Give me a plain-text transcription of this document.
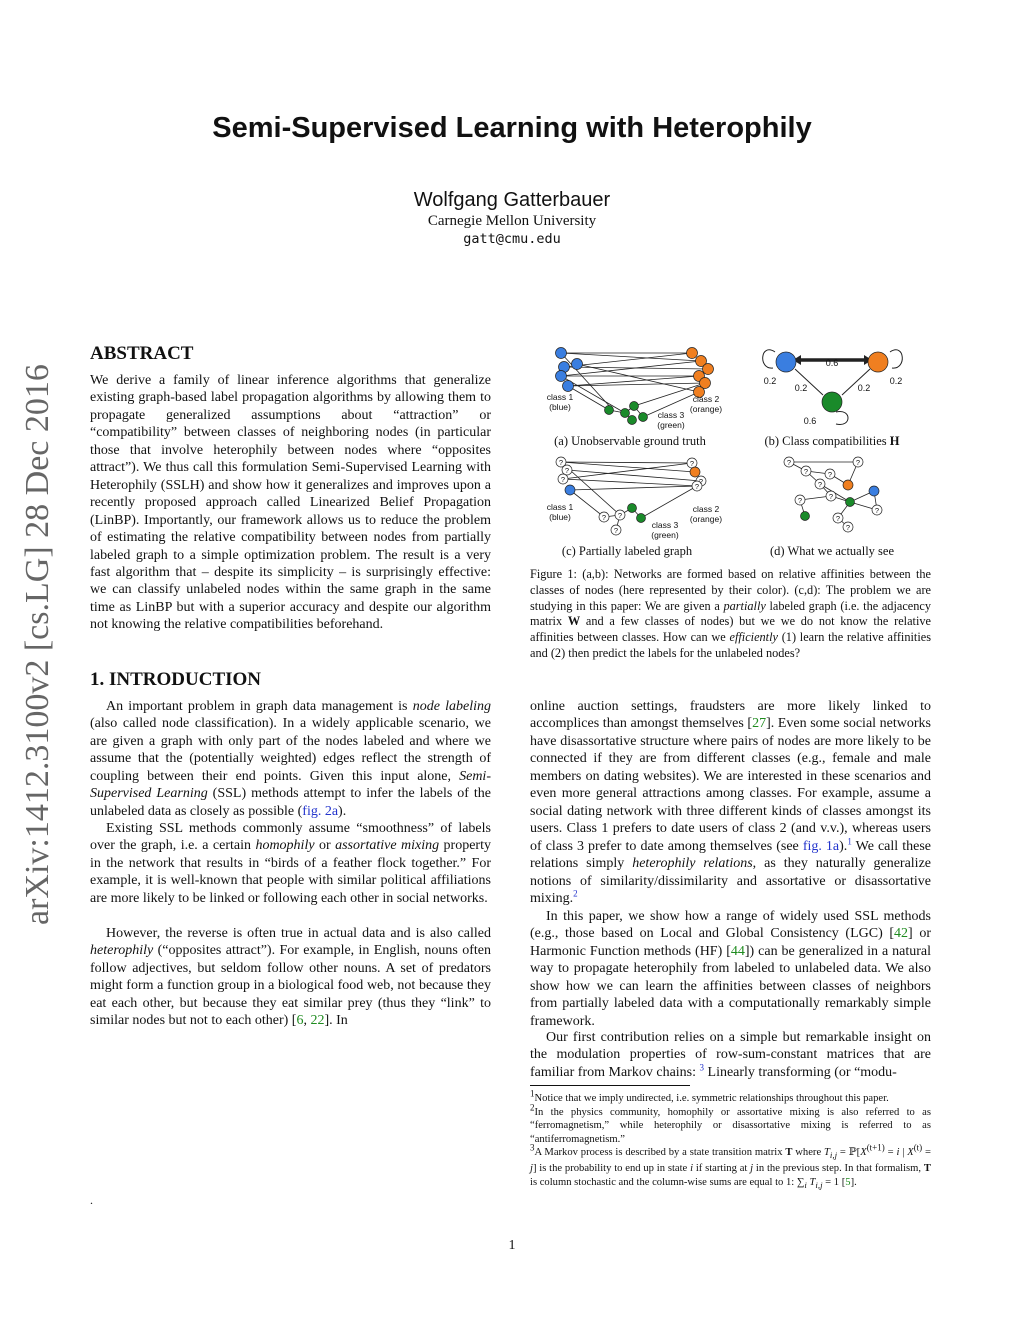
arXiv:1412.3100v2 [cs.LG] 28 Dec 2016
Semi-Supervised Learning with Heterophily
Wolfgang Gatterbauer
Carnegie Mellon University
gatt@cmu.edu
ABSTRACT

We derive a family of linear inference algorithms that generalize existing graph-based label propagation algorithms by allowing them to propagate generalized assumptions about “attraction” or “compatibility” between classes of neighboring nodes (in particular those that involve heterophily between nodes where “opposites attract”). We thus call this formulation Semi-Supervised Learning with Heterophily (SSLH) and show how it generalizes and improves upon a recently proposed approach called Linearized Belief Propagation (LinBP). Importantly, our framework allows us to reduce the problem of estimating the relative compatibility between nodes from partially labeled graph to a simple optimization problem. The result is a very fast algorithm that – despite its simplicity – is surprisingly effective: we can classify unlabeled nodes within the same graph in the same time as LinBP but with a superior accuracy and despite our algorithm not knowing the relative compatibilities beforehand.

1. INTRODUCTION

An important problem in graph data management is node labeling (also called node classification). In a widely applicable scenario, we are given a graph with only part of the nodes labeled and where we assume that the (potentially weighted) edges reflect the strength of coupling between their end points. Given this input alone, Semi-Supervised Learning (SSL) methods attempt to infer the labels of the unlabeled data as closely as possible (fig. 2a).

Existing SSL methods commonly assume “smoothness” of labels over the graph, i.e. a certain homophily or assortative mixing property in the network that results in “birds of a feather flock together.” For example, it is well-known that people with similar political affiliations are more likely to be linked or following each other in social networks.

However, the reverse is often true in actual data and is also called heterophily (“opposites attract”). For example, in English, nouns often follow adjectives, but seldom follow other nouns. A set of predators might form a function group in a biological food web, not because they eat each other, but because they eat similar prey (thus they “link” to similar nodes but not to each other) [6, 22]. In

class 1
(blue)
class 2
(orange)
class 3
(green)
(a) Unobservable ground truth
0.6
0.2
0.2	0.2
0.2
0.6
(b) Class compatibilities H
?
?
?
?
?
?
? ?
?
class 1
(blue)
class 2
(orange)
class 3
(green)
(c) Partially labeled graph
?
?
?
?
?
?
?
?
?
?
(d) What we actually see

Figure 1: (a,b): Networks are formed based on relative affinities between the classes of nodes (here represented by their color). (c,d): The problem we are studying in this paper: We are given a partially labeled graph (i.e. the adjacency matrix W and a few classes of nodes) but we we do not know the relative affinities between classes. How can we efficiently (1) learn the relative affinities and (2) then predict the labels for the unlabeled nodes?

online auction settings, fraudsters are more likely linked to accomplices than amongst themselves [27]. Even some social networks have disassortative structure where pairs of nodes are more likely to be connected if they are from different classes (e.g., female and male members on dating websites). We are interested in these scenarios and even more general attractions among classes. For example, assume a social dating network with three different kinds of classes amongst its users. Class 1 prefers to date users of class 2 (and v.v.), whereas users of class 3 prefer to date among themselves (see fig. 1a).$^1$ We call these relations simply heterophily relations, as they naturally generalize notions of similarity/dissimilarity and assortative or disassortative mixing.$^2$

In this paper, we show how a range of widely used SSL methods (e.g., those based on Local and Global Consistency (LGC) [42] or Harmonic Function methods (HF) [44]) can be generalized in a natural way to propagate heterophily from labeled to unlabeled data. We also show how we can learn the affinities between classes of neighbors from partially labeled data with a computationally remarkably simple framework.

Our first contribution relies on a simple but remarkable insight on the modulation properties of row-sum-constant matrices that are familiar from Markov chains: $^3$ Linearly transforming (or “modu-

$^1$Notice that we imply undirected, i.e. symmetric relationships throughout this paper.
$^2$In the physics community, homophily or assortative mixing is also referred to as “ferromagnetism,” while heterophily or disassortative mixing is referred to as “antiferromagnetism.”
$^3$A Markov process is described by a state transition matrix T where $T_{i,j}$ = $ℙ[X^{(t+1)} = i$ | $X^{(t)} = j$] is the probability to end up in state i if starting at j in the previous step. In that formalism, T is column stochastic and the column-wise sums are equal to 1: $\sum_i$ $T_{i,j} = 1$ [5].
.
1
